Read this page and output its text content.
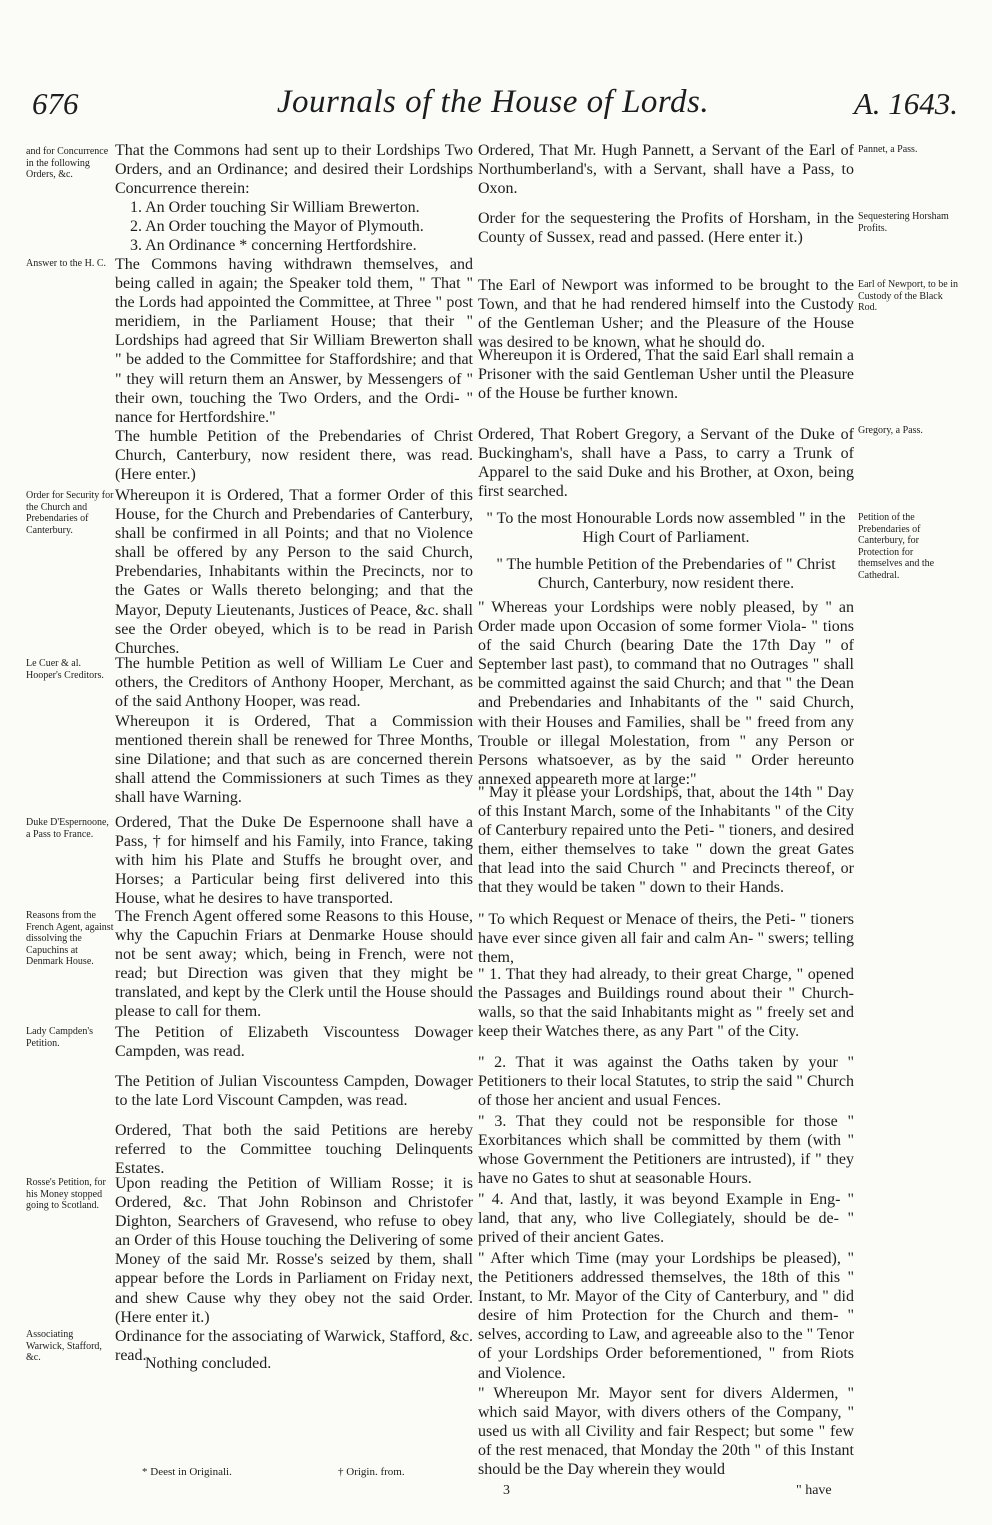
676	Journals of the House of Lords.	A. 1643.
and for Concurrence in the following Orders, &c.
Answer to the H. C.
Order for Security for the Church and Prebendaries of Canterbury.
Le Cuer & al. Hooper's Creditors.
Duke D'Espernoone, a Pass to France.
Reasons from the French Agent, against dissolving the Capuchins at Denmark House.
Lady Campden's Petition.
Rosse's Petition, for his Money stopped going to Scotland.
Associating Warwick, Stafford, &c.
Pannet, a Pass.
Sequestering Horsham Profits.
Earl of Newport, to be in Custody of the Black Rod.
Gregory, a Pass.
Petition of the Prebendaries of Canterbury, for Protection for themselves and the Cathedral.

That the Commons had sent up to their Lordships Two Orders, and an Ordinance; and desired their Lordships Concurrence therein:

1. An Order touching Sir William Brewerton.
2. An Order touching the Mayor of Plymouth.
3. An Ordinance * concerning Hertfordshire.

The Commons having withdrawn themselves, and being called in again; the Speaker told them, " That " the Lords had appointed the Committee, at Three " post meridiem, in the Parliament House; that their " Lordships had agreed that Sir William Brewerton shall " be added to the Committee for Staffordshire; and that " they will return them an Answer, by Messengers of " their own, touching the Two Orders, and the Ordi- " nance for Hertfordshire."

The humble Petition of the Prebendaries of Christ Church, Canterbury, now resident there, was read. (Here enter.)

Whereupon it is Ordered, That a former Order of this House, for the Church and Prebendaries of Canterbury, shall be confirmed in all Points; and that no Violence shall be offered by any Person to the said Church, Prebendaries, Inhabitants within the Precincts, nor to the Gates or Walls thereto belonging; and that the Mayor, Deputy Lieutenants, Justices of Peace, &c. shall see the Order obeyed, which is to be read in Parish Churches.

The humble Petition as well of William Le Cuer and others, the Creditors of Anthony Hooper, Merchant, as of the said Anthony Hooper, was read.

Whereupon it is Ordered, That a Commission mentioned therein shall be renewed for Three Months, sine Dilatione; and that such as are concerned therein shall attend the Commissioners at such Times as they shall have Warning.

Ordered, That the Duke De Espernoone shall have a Pass, † for himself and his Family, into France, taking with him his Plate and Stuffs he brought over, and Horses; a Particular being first delivered into this House, what he desires to have transported.

The French Agent offered some Reasons to this House, why the Capuchin Friars at Denmarke House should not be sent away; which, being in French, were not read; but Direction was given that they might be translated, and kept by the Clerk until the House should please to call for them.

The Petition of Elizabeth Viscountess Dowager Campden, was read.

The Petition of Julian Viscountess Campden, Dowager to the late Lord Viscount Campden, was read.

Ordered, That both the said Petitions are hereby referred to the Committee touching Delinquents Estates.

Upon reading the Petition of William Rosse; it is Ordered, &c. That John Robinson and Christofer Dighton, Searchers of Gravesend, who refuse to obey an Order of this House touching the Delivering of some Money of the said Mr. Rosse's seized by them, shall appear before the Lords in Parliament on Friday next, and shew Cause why they obey not the said Order. (Here enter it.)

Ordinance for the associating of Warwick, Stafford, &c. read.

Nothing concluded.

Ordered, That Mr. Hugh Pannett, a Servant of the Earl of Northumberland's, with a Servant, shall have a Pass, to Oxon.

Order for the sequestering the Profits of Horsham, in the County of Sussex, read and passed. (Here enter it.)

The Earl of Newport was informed to be brought to the Town, and that he had rendered himself into the Custody of the Gentleman Usher; and the Pleasure of the House was desired to be known, what he should do.

Whereupon it is Ordered, That the said Earl shall remain a Prisoner with the said Gentleman Usher until the Pleasure of the House be further known.

Ordered, That Robert Gregory, a Servant of the Duke of Buckingham's, shall have a Pass, to carry a Trunk of Apparel to the said Duke and his Brother, at Oxon, being first searched.

" To the most Honourable Lords now assembled " in the High Court of Parliament.

" The humble Petition of the Prebendaries of " Christ Church, Canterbury, now resident there.

" Whereas your Lordships were nobly pleased, by " an Order made upon Occasion of some former Viola- " tions of the said Church (bearing Date the 17th Day " of September last past), to command that no Outrages " shall be committed against the said Church; and that " the Dean and Prebendaries and Inhabitants of the " said Church, with their Houses and Families, shall be " freed from any Trouble or illegal Molestation, from " any Person or Persons whatsoever, as by the said " Order hereunto annexed appeareth more at large:"

" May it please your Lordships, that, about the 14th " Day of this Instant March, some of the Inhabitants " of the City of Canterbury repaired unto the Peti- " tioners, and desired them, either themselves to take " down the great Gates that lead into the said Church " and Precincts thereof, or that they would be taken " down to their Hands.

" To which Request or Menace of theirs, the Peti- " tioners have ever since given all fair and calm An- " swers; telling them,

" 1. That they had already, to their great Charge, " opened the Passages and Buildings round about their " Church-walls, so that the said Inhabitants might as " freely set and keep their Watches there, as any Part " of the City.

" 2. That it was against the Oaths taken by your " Petitioners to their local Statutes, to strip the said " Church of those her ancient and usual Fences.

" 3. That they could not be responsible for those " Exorbitances which shall be committed by them (with " whose Government the Petitioners are intrusted), if " they have no Gates to shut at seasonable Hours.

" 4. And that, lastly, it was beyond Example in Eng- " land, that any, who live Collegiately, should be de- " prived of their ancient Gates.

" After which Time (may your Lordships be pleased), " the Petitioners addressed themselves, the 18th of this " Instant, to Mr. Mayor of the City of Canterbury, and " did desire of him Protection for the Church and them- " selves, according to Law, and agreeable also to the " Tenor of your Lordships Order beforementioned, " from Riots and Violence.

" Whereupon Mr. Mayor sent for divers Aldermen, " which said Mayor, with divers others of the Company, " used us with all Civility and fair Respect; but some " few of the rest menaced, that Monday the 20th " of this Instant should be the Day wherein they would

* Deest in Originali.	† Origin. from.
3	" have
